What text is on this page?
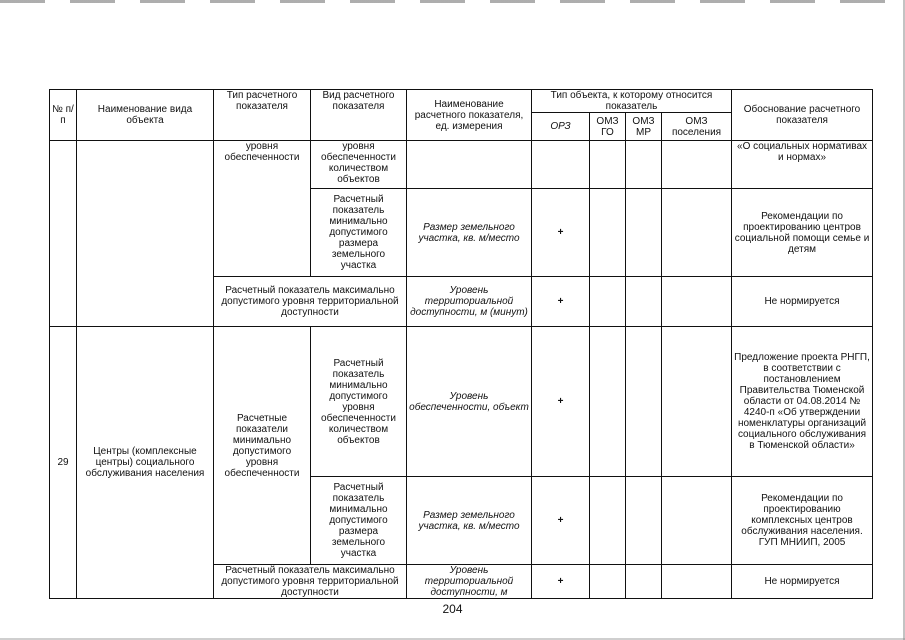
№ п/п	Наименование вида объекта	Тип расчетного показателя	Вид расчетного показателя	Наименование расчетного показателя, ед. измерения	Тип объекта, к которому относится показатель				Обоснование расчетного показателя
					ОРЗ	ОМЗ ГО	ОМЗ МР	ОМЗ поселения	
		уровня обеспеченности	уровня обеспеченности количеством объектов						«О социальных нормативах и нормах»
			Расчетный показатель минимально допустимого размера земельного участка	Размер земельного участка, кв. м/место	+				Рекомендации по проектированию центров социальной помощи семье и детям
		Расчетный показатель максимально допустимого уровня территориальной доступности		Уровень территориальной доступности, м (минут)	+				Не нормируется
29	Центры (комплексные центры) социального обслуживания населения	Расчетные показатели минимально допустимого уровня обеспеченности	Расчетный показатель минимально допустимого уровня обеспеченности количеством объектов	Уровень обеспеченности, объект	+				Предложение проекта РНГП, в соответствии с постановлением Правительства Тюменской области от 04.08.2014 № 4240-п «Об утверждении номенклатуры организаций социального обслуживания в Тюменской области»
			Расчетный показатель минимально допустимого размера земельного участка	Размер земельного участка, кв. м/место	+				Рекомендации по проектированию комплексных центров обслуживания населения. ГУП МНИИП, 2005
		Расчетный показатель максимально допустимого уровня территориальной доступности		Уровень территориальной доступности, м	+				Не нормируется
204
